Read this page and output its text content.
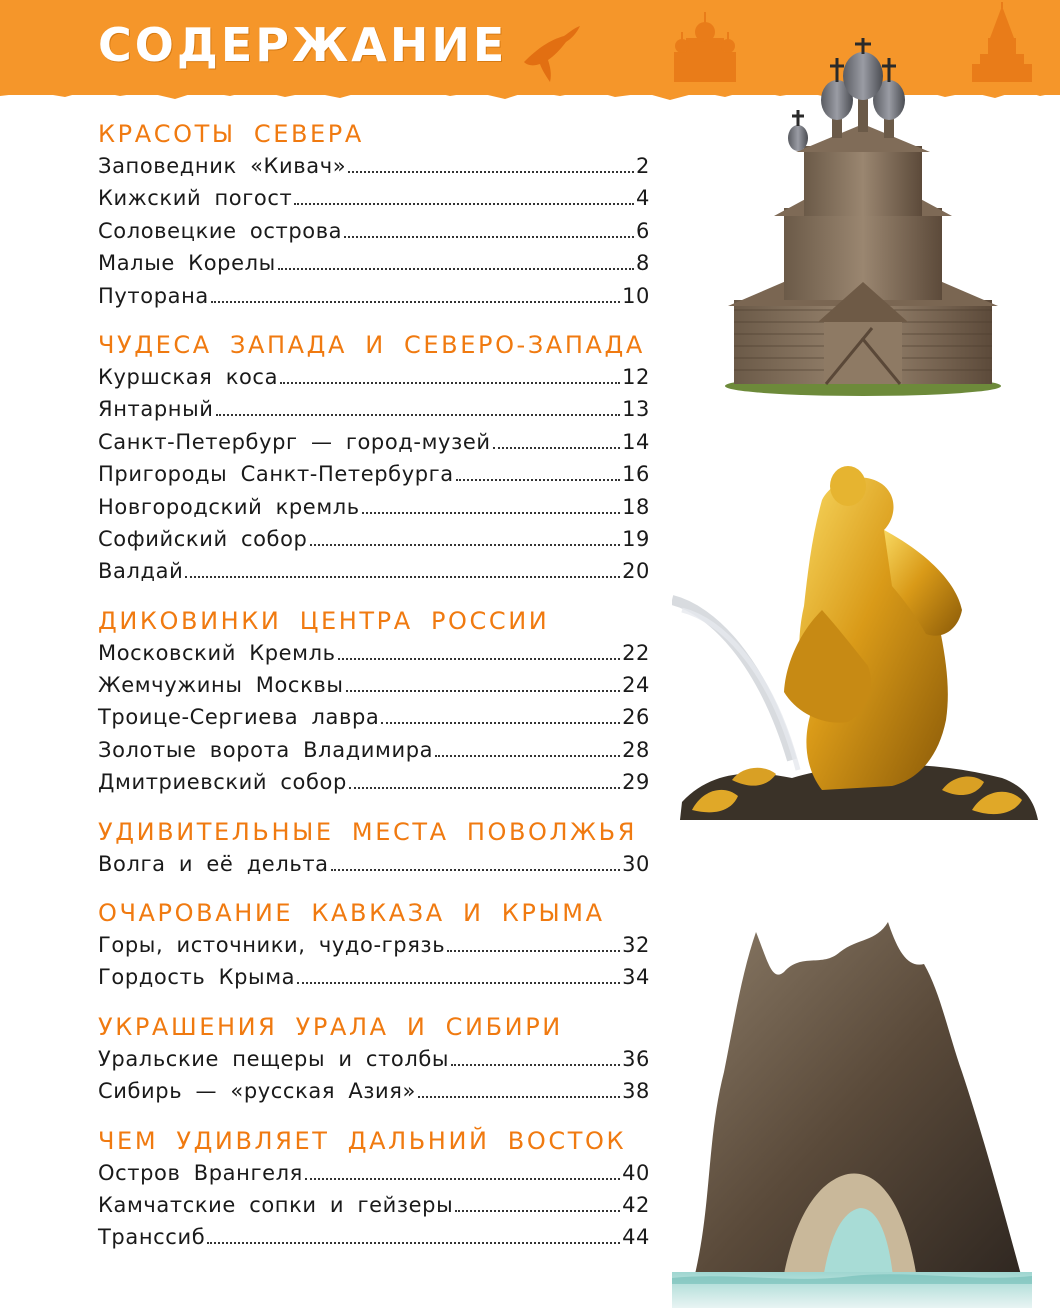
СОДЕРЖАНИЕ
КРАСОТЫ СЕВЕРА
Заповедник «Кивач»	2
Кижский погост	4
Соловецкие острова	6
Малые Корелы	8
Путорана	10
ЧУДЕСА ЗАПАДА И СЕВЕРО-ЗАПАДА
Куршская коса	12
Янтарный	13
Санкт-Петербург — город-музей	14
Пригороды Санкт-Петербурга	16
Новгородский кремль	18
Софийский собор	19
Валдай	20
ДИКОВИНКИ ЦЕНТРА РОССИИ
Московский Кремль	22
Жемчужины Москвы	24
Троице-Сергиева лавра	26
Золотые ворота Владимира	28
Дмитриевский собор	29
УДИВИТЕЛЬНЫЕ МЕСТА ПОВОЛЖЬЯ
Волга и её дельта	30
ОЧАРОВАНИЕ КАВКАЗА И КРЫМА
Горы, источники, чудо-грязь	32
Гордость Крыма	34
УКРАШЕНИЯ УРАЛА И СИБИРИ
Уральские пещеры и столбы	36
Сибирь — «русская Азия»	38
ЧЕМ УДИВЛЯЕТ ДАЛЬНИЙ ВОСТОК
Остров Врангеля	40
Камчатские сопки и гейзеры	42
Транссиб	44
